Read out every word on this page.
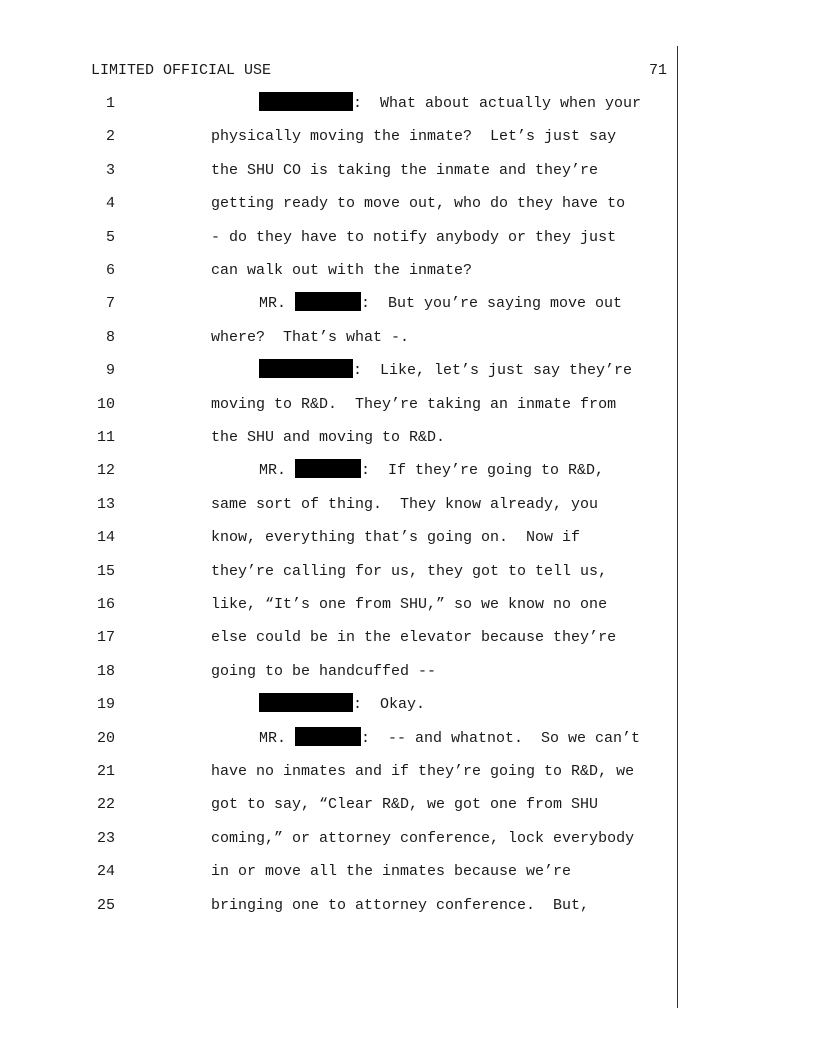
LIMITED OFFICIAL USE	71
1	:  What about actually when your
2	physically moving the inmate?  Let’s just say
3	the SHU CO is taking the inmate and they’re
4	getting ready to move out, who do they have to
5	- do they have to notify anybody or they just
6	can walk out with the inmate?
7	MR.	:  But you’re saying move out
8	where?  That’s what -.
9	:  Like, let’s just say they’re
10	moving to R&D.  They’re taking an inmate from
11	the SHU and moving to R&D.
12	MR.	:  If they’re going to R&D,
13	same sort of thing.  They know already, you
14	know, everything that’s going on.  Now if
15	they’re calling for us, they got to tell us,
16	like, “It’s one from SHU,” so we know no one
17	else could be in the elevator because they’re
18	going to be handcuffed --
19	:  Okay.
20	MR.	:  -- and whatnot.  So we can’t
21	have no inmates and if they’re going to R&D, we
22	got to say, “Clear R&D, we got one from SHU
23	coming,” or attorney conference, lock everybody
24	in or move all the inmates because we’re
25	bringing one to attorney conference.  But,
